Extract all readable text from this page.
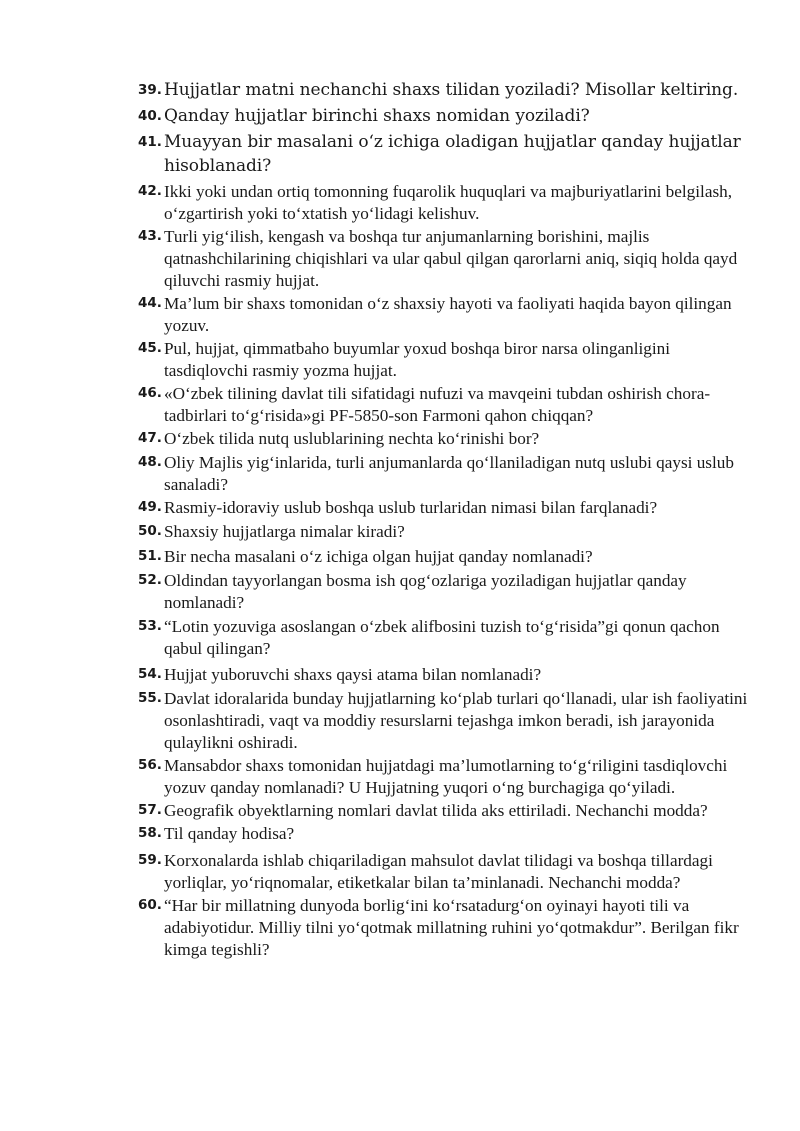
39. Hujjatlar matni nechanchi shaxs tilidan yoziladi? Misollar keltiring.
40. Qanday hujjatlar birinchi shaxs nomidan yoziladi?
41. Muayyan bir masalani o‘z ichiga oladigan hujjatlar qanday hujjatlar hisoblanadi?
42. Ikki yoki undan ortiq tomonning fuqarolik huquqlari va majburiyatlarini belgilash, o‘zgartirish yoki to‘xtatish yo‘lidagi kelishuv.
43. Turli yig‘ilish, kengash va boshqa tur anjumanlarning borishini, majlis qatnashchilarining chiqishlari va ular qabul qilgan qarorlarni aniq, siqiq holda qayd qiluvchi rasmiy hujjat.
44. Ma’lum bir shaxs tomonidan o‘z shaxsiy hayoti va faoliyati haqida bayon qilingan yozuv.
45. Pul, hujjat, qimmatbaho buyumlar yoxud boshqa biror narsa olinganligini tasdiqlovchi rasmiy yozma hujjat.
46. «O‘zbek tilining davlat tili sifatidagi nufuzi va mavqeini tubdan oshirish chora-tadbirlari to‘g‘risida»gi PF-5850-son Farmoni qahon chiqqan?
47. O‘zbek tilida nutq uslublarining nechta ko‘rinishi bor?
48. Oliy Majlis yig‘inlarida, turli anjumanlarda qo‘llaniladigan nutq uslubi qaysi uslub sanaladi?
49. Rasmiy-idoraviy uslub boshqa uslub turlaridan nimasi bilan farqlanadi?
50. Shaxsiy hujjatlarga nimalar kiradi?
51. Bir necha masalani o‘z ichiga olgan hujjat qanday nomlanadi?
52. Oldindan tayyorlangan bosma ish qog‘ozlariga yoziladigan hujjatlar qanday nomlanadi?
53. “Lotin yozuviga asoslangan o‘zbek alifbosini tuzish to‘g‘risida”gi qonun qachon qabul qilingan?
54. Hujjat yuboruvchi shaxs qaysi atama bilan nomlanadi?
55. Davlat idoralarida bunday hujjatlarning ko‘plab turlari qo‘llanadi, ular ish faoliyatini osonlashtiradi, vaqt va moddiy resurslarni tejashga imkon beradi, ish jarayonida qulaylikni oshiradi.
56. Mansabdor shaxs tomonidan hujjatdagi ma’lumotlarning to‘g‘riligini tasdiqlovchi yozuv qanday nomlanadi? U Hujjatning yuqori o‘ng burchagiga qo‘yiladi.
57. Geografik obyektlarning nomlari davlat tilida aks ettiriladi. Nechanchi modda?
58. Til qanday hodisa?
59. Korxonalarda ishlab chiqariladigan mahsulot davlat tilidagi va boshqa tillardagi yorliqlar, yo‘riqnomalar, etiketkalar bilan ta’minlanadi. Nechanchi modda?
60. “Har bir millatning dunyoda borlig‘ini ko‘rsatadurg‘on oyinayi hayoti tili va adabiyotidur. Milliy tilni yo‘qotmak millatning ruhini yo‘qotmakdur”. Berilgan fikr kimga tegishli?
